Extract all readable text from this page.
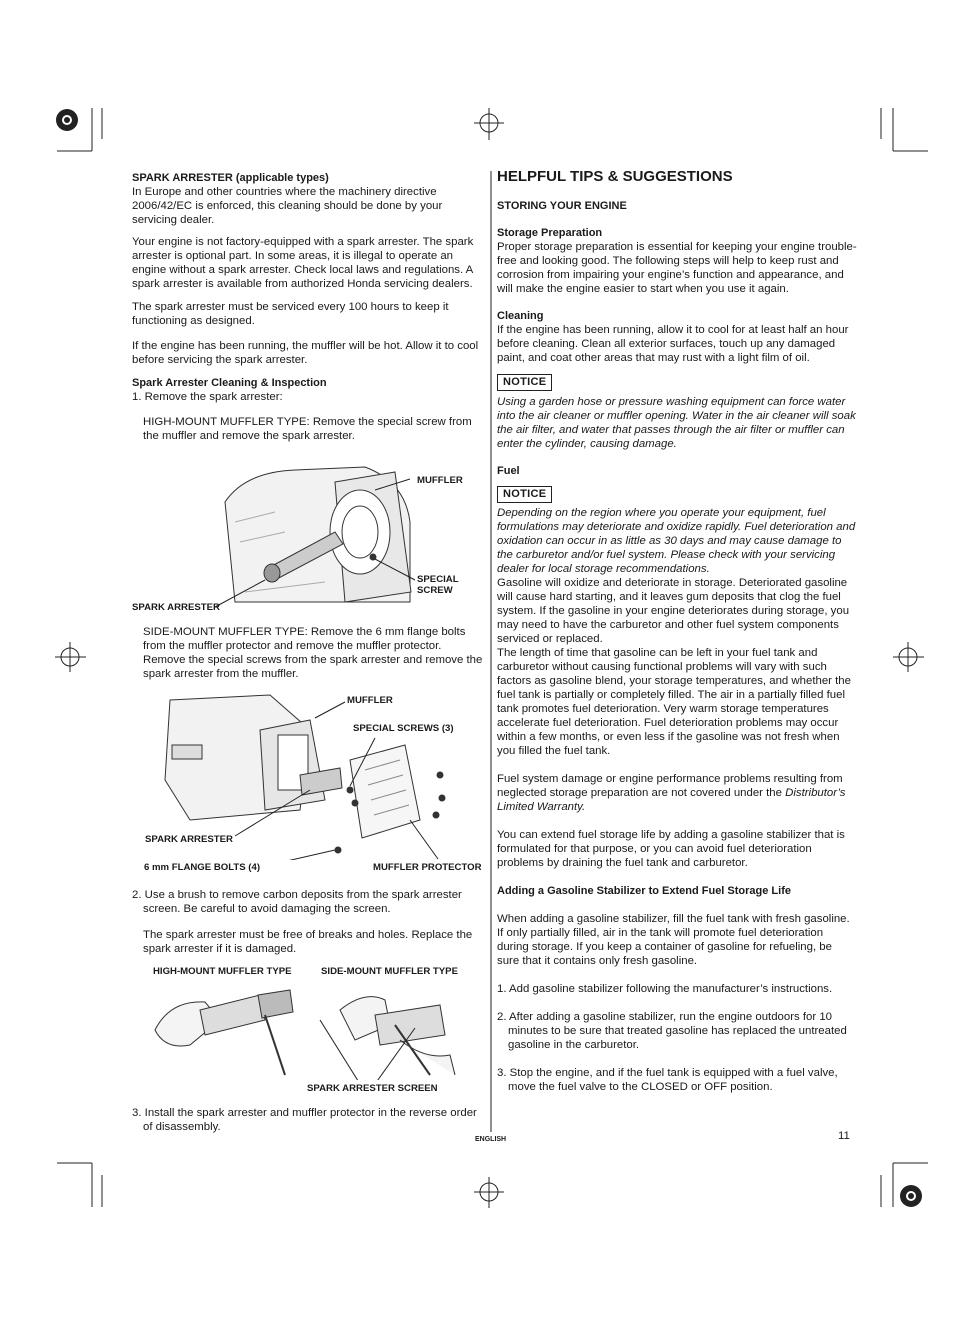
SPARK ARRESTER (applicable types)

In Europe and other countries where the machinery directive 2006/42/EC is enforced, this cleaning should be done by your servicing dealer.

Your engine is not factory-equipped with a spark arrester. The spark arrester is optional part. In some areas, it is illegal to operate an engine without a spark arrester. Check local laws and regulations. A spark arrester is available from authorized Honda servicing dealers.

The spark arrester must be serviced every 100 hours to keep it functioning as designed.

If the engine has been running, the muffler will be hot. Allow it to cool before servicing the spark arrester.

Spark Arrester Cleaning & Inspection

1. Remove the spark arrester:

HIGH-MOUNT MUFFLER TYPE: Remove the special screw from the muffler and remove the spark arrester.

MUFFLER
SPECIAL
SCREW
SPARK ARRESTER

SIDE-MOUNT MUFFLER TYPE: Remove the 6 mm flange bolts from the muffler protector and remove the muffler protector. Remove the special screws from the spark arrester and remove the spark arrester from the muffler.

MUFFLER
SPECIAL SCREWS (3)
SPARK ARRESTER
6 mm FLANGE BOLTS (4)	MUFFLER PROTECTOR

2. Use a brush to remove carbon deposits from the spark arrester screen. Be careful to avoid damaging the screen.

The spark arrester must be free of breaks and holes. Replace the spark arrester if it is damaged.

HIGH-MOUNT MUFFLER TYPE	SIDE-MOUNT MUFFLER TYPE
SPARK ARRESTER SCREEN

3. Install the spark arrester and muffler protector in the reverse order of disassembly.

HELPFUL TIPS & SUGGESTIONS

STORING YOUR ENGINE

Storage Preparation

Proper storage preparation is essential for keeping your engine trouble-free and looking good. The following steps will help to keep rust and corrosion from impairing your engine’s function and appearance, and will make the engine easier to start when you use it again.

Cleaning

If the engine has been running, allow it to cool for at least half an hour before cleaning. Clean all exterior surfaces, touch up any damaged paint, and coat other areas that may rust with a light film of oil.

NOTICE

Using a garden hose or pressure washing equipment can force water into the air cleaner or muffler opening. Water in the air cleaner will soak the air filter, and water that passes through the air filter or muffler can enter the cylinder, causing damage.

Fuel

NOTICE

Depending on the region where you operate your equipment, fuel formulations may deteriorate and oxidize rapidly. Fuel deterioration and oxidation can occur in as little as 30 days and may cause damage to the carburetor and/or fuel system. Please check with your servicing dealer for local storage recommendations.

Gasoline will oxidize and deteriorate in storage. Deteriorated gasoline will cause hard starting, and it leaves gum deposits that clog the fuel system. If the gasoline in your engine deteriorates during storage, you may need to have the carburetor and other fuel system components serviced or replaced.

The length of time that gasoline can be left in your fuel tank and carburetor without causing functional problems will vary with such factors as gasoline blend, your storage temperatures, and whether the fuel tank is partially or completely filled. The air in a partially filled fuel tank promotes fuel deterioration. Very warm storage temperatures accelerate fuel deterioration. Fuel deterioration problems may occur within a few months, or even less if the gasoline was not fresh when you filled the fuel tank.

Fuel system damage or engine performance problems resulting from neglected storage preparation are not covered under the Distributor’s Limited Warranty.

You can extend fuel storage life by adding a gasoline stabilizer that is formulated for that purpose, or you can avoid fuel deterioration problems by draining the fuel tank and carburetor.

Adding a Gasoline Stabilizer to Extend Fuel Storage Life

When adding a gasoline stabilizer, fill the fuel tank with fresh gasoline. If only partially filled, air in the tank will promote fuel deterioration during storage. If you keep a container of gasoline for refueling, be sure that it contains only fresh gasoline.

1. Add gasoline stabilizer following the manufacturer’s instructions.

2. After adding a gasoline stabilizer, run the engine outdoors for 10 minutes to be sure that treated gasoline has replaced the untreated gasoline in the carburetor.

3. Stop the engine, and if the fuel tank is equipped with a fuel valve, move the fuel valve to the CLOSED or OFF position.

ENGLISH	11
